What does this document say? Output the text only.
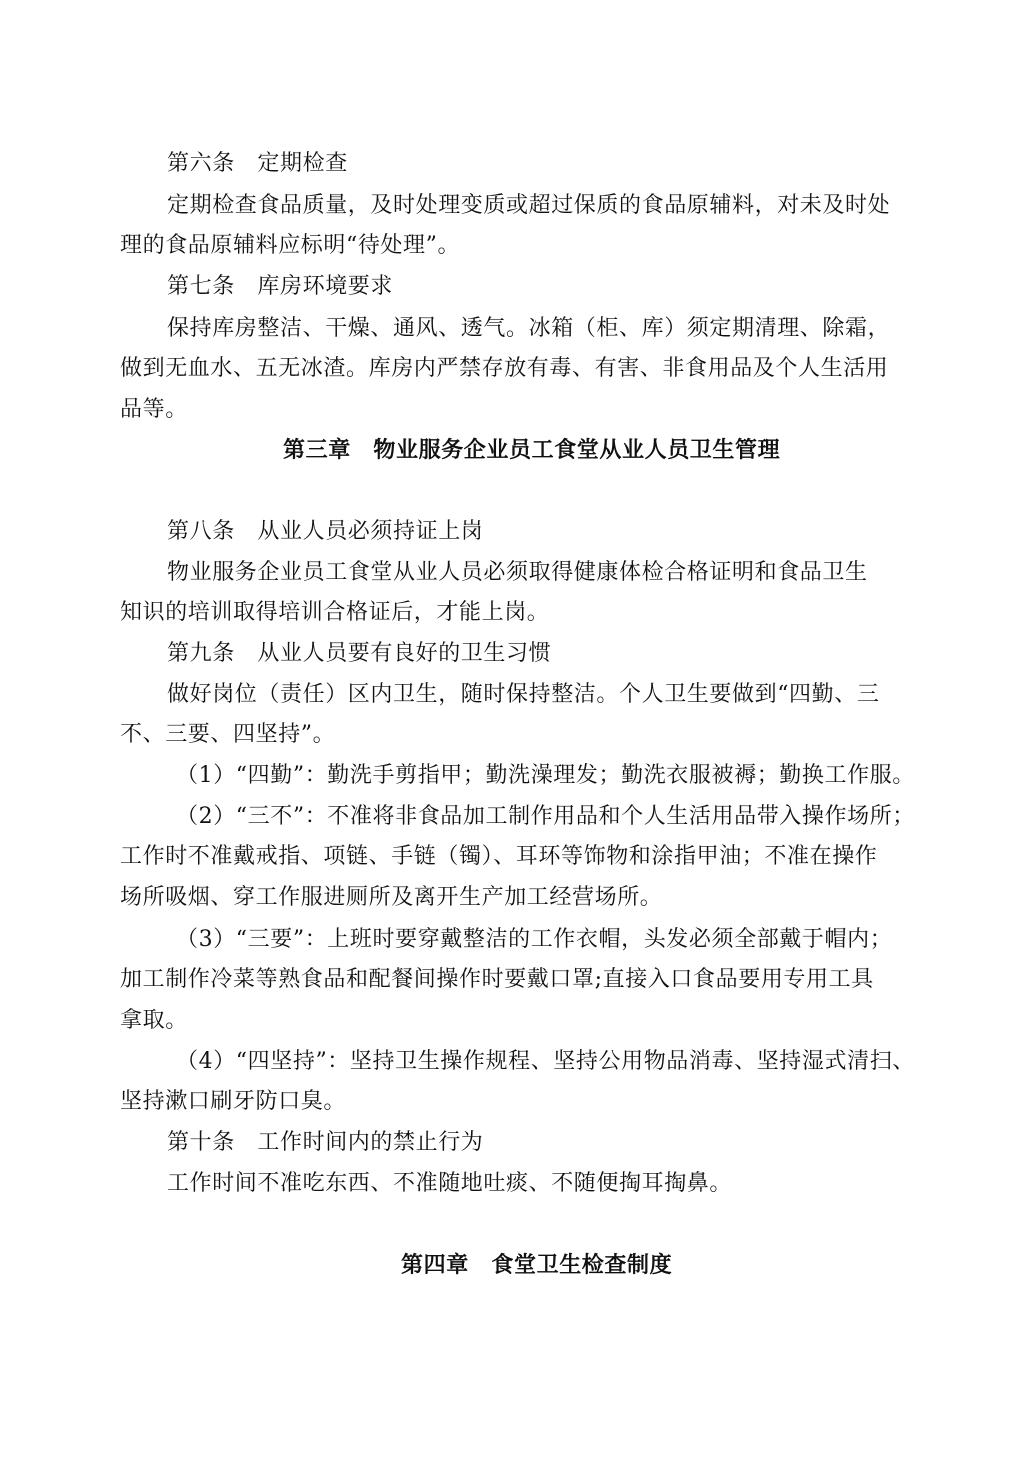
第六条　定期检查
定期检查食品质量，及时处理变质或超过保质的食品原辅料，对未及时处
理的食品原辅料应标明“待处理”。
第七条　库房环境要求
保持库房整洁、干燥、通风、透气。冰箱（柜、库）须定期清理、除霜，
做到无血水、五无冰渣。库房内严禁存放有毒、有害、非食用品及个人生活用
品等。
第三章　物业服务企业员工食堂从业人员卫生管理
第八条　从业人员必须持证上岗
物业服务企业员工食堂从业人员必须取得健康体检合格证明和食品卫生
知识的培训取得培训合格证后，才能上岗。
第九条　从业人员要有良好的卫生习惯
做好岗位（责任）区内卫生，随时保持整洁。个人卫生要做到“四勤、三
不、三要、四坚持”。
（1）“四勤”：勤洗手剪指甲；勤洗澡理发；勤洗衣服被褥；勤换工作服。
（2）“三不”：不准将非食品加工制作用品和个人生活用品带入操作场所；
工作时不准戴戒指、项链、手链（镯）、耳环等饰物和涂指甲油；不准在操作
场所吸烟、穿工作服进厕所及离开生产加工经营场所。
（3）“三要”：上班时要穿戴整洁的工作衣帽，头发必须全部戴于帽内；
加工制作冷菜等熟食品和配餐间操作时要戴口罩;直接入口食品要用专用工具
拿取。
（4）“四坚持”：坚持卫生操作规程、坚持公用物品消毒、坚持湿式清扫、
坚持漱口刷牙防口臭。
第十条　工作时间内的禁止行为
工作时间不准吃东西、不准随地吐痰、不随便掏耳掏鼻。
第四章　食堂卫生检查制度
